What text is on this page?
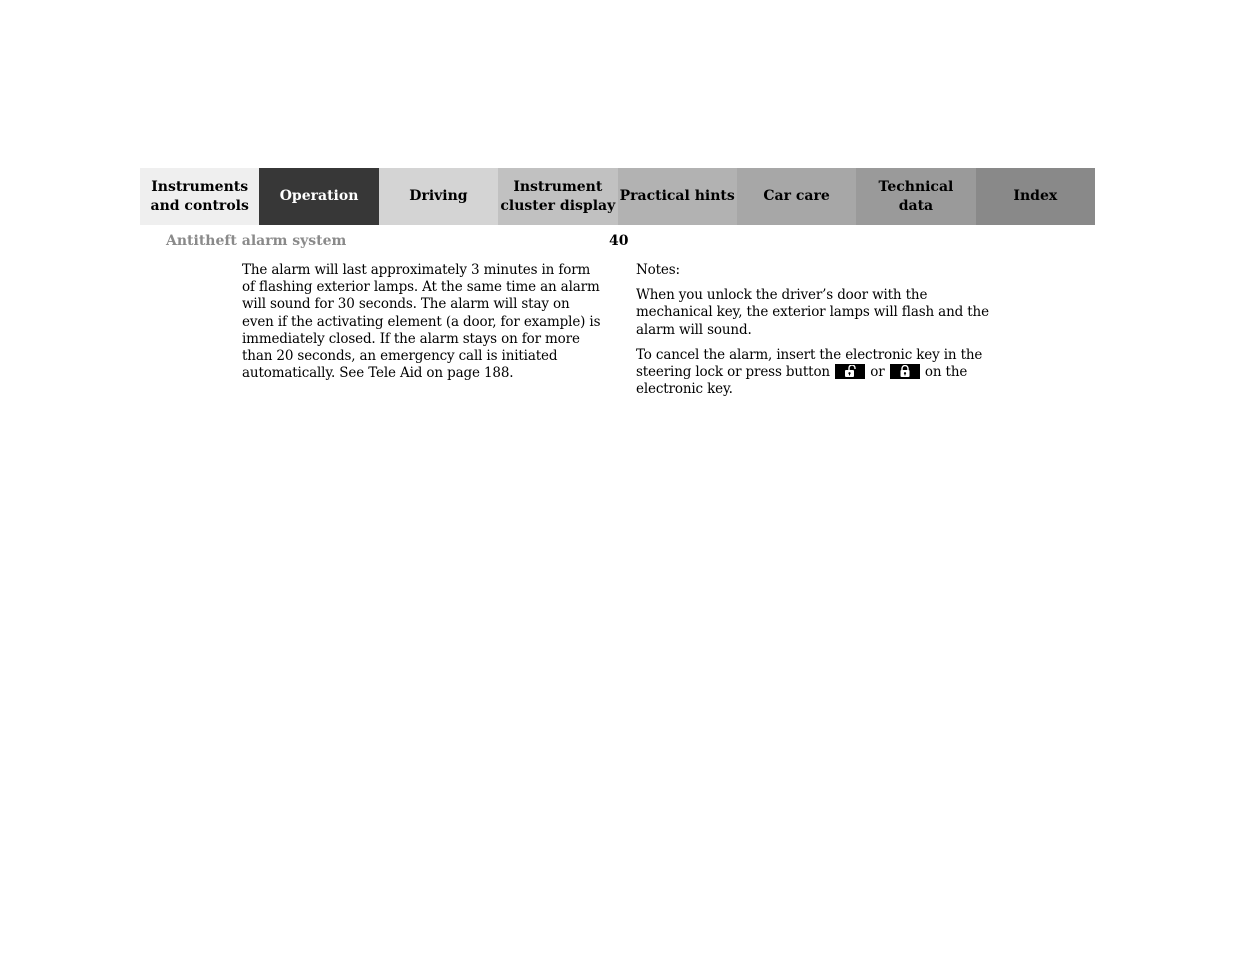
Instruments
and controls
Operation	Driving
Instrument
cluster display
Practical hints	Car care
Technical
data
Index
Antitheft alarm system	40

The alarm will last approximately 3 minutes in form of flashing exterior lamps. At the same time an alarm will sound for 30 seconds. The alarm will stay on even if the activating element (a door, for example) is immediately closed. If the alarm stays on for more than 20 seconds, an emergency call is initiated automatically. See Tele Aid on page 188.

Notes:

When you unlock the driver’s door with the mechanical key, the exterior lamps will flash and the alarm will sound.

To cancel the alarm, insert the electronic key in the steering lock or press button	or	on the electronic key.
